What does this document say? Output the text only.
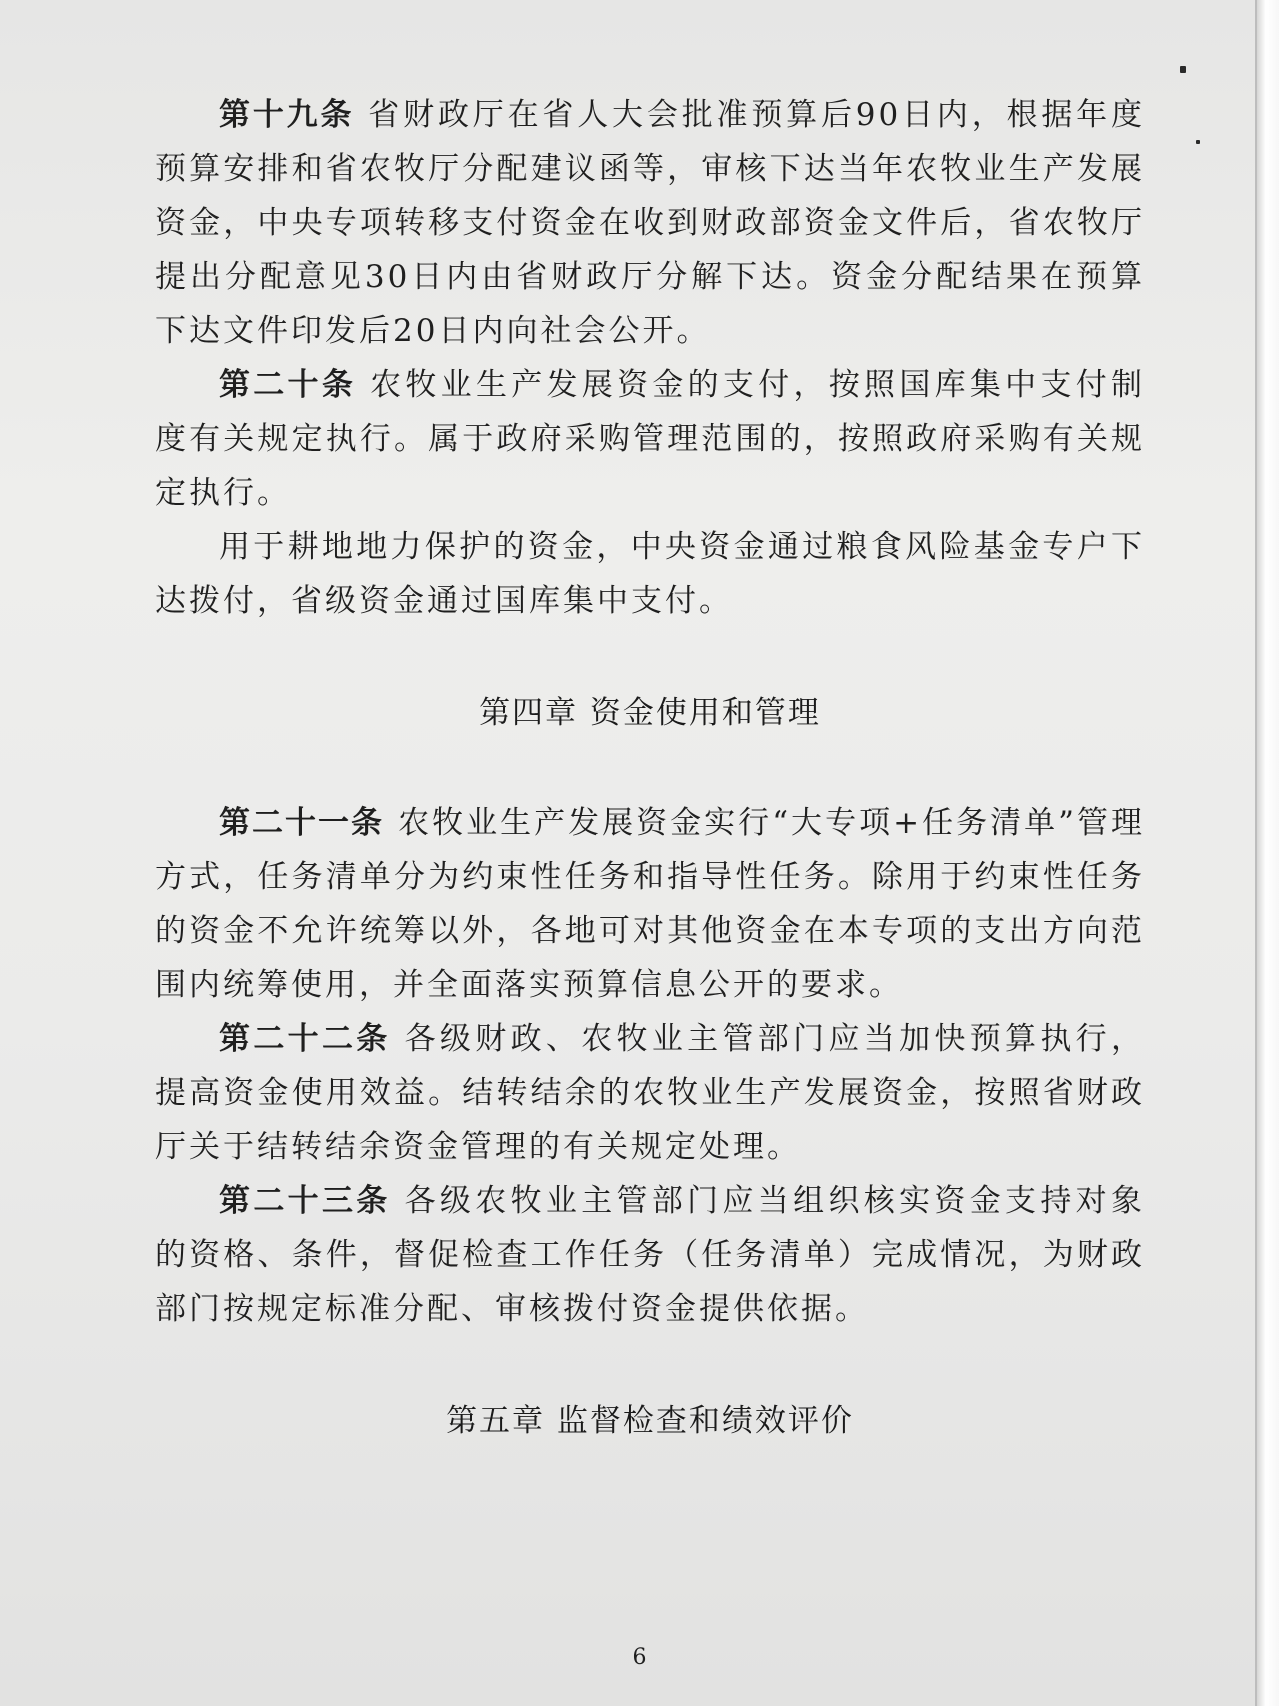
第十九条 省财政厅在省人大会批准预算后90日内，根据年度预算安排和省农牧厅分配建议函等，审核下达当年农牧业生产发展资金，中央专项转移支付资金在收到财政部资金文件后，省农牧厅提出分配意见30日内由省财政厅分解下达。资金分配结果在预算下达文件印发后20日内向社会公开。

第二十条 农牧业生产发展资金的支付，按照国库集中支付制度有关规定执行。属于政府采购管理范围的，按照政府采购有关规定执行。

用于耕地地力保护的资金，中央资金通过粮食风险基金专户下达拨付，省级资金通过国库集中支付。

第四章 资金使用和管理

第二十一条 农牧业生产发展资金实行“大专项+任务清单”管理方式，任务清单分为约束性任务和指导性任务。除用于约束性任务的资金不允许统筹以外，各地可对其他资金在本专项的支出方向范围内统筹使用，并全面落实预算信息公开的要求。

第二十二条 各级财政、农牧业主管部门应当加快预算执行，提高资金使用效益。结转结余的农牧业生产发展资金，按照省财政厅关于结转结余资金管理的有关规定处理。

第二十三条 各级农牧业主管部门应当组织核实资金支持对象的资格、条件，督促检查工作任务（任务清单）完成情况，为财政部门按规定标准分配、审核拨付资金提供依据。

第五章 监督检查和绩效评价

6
